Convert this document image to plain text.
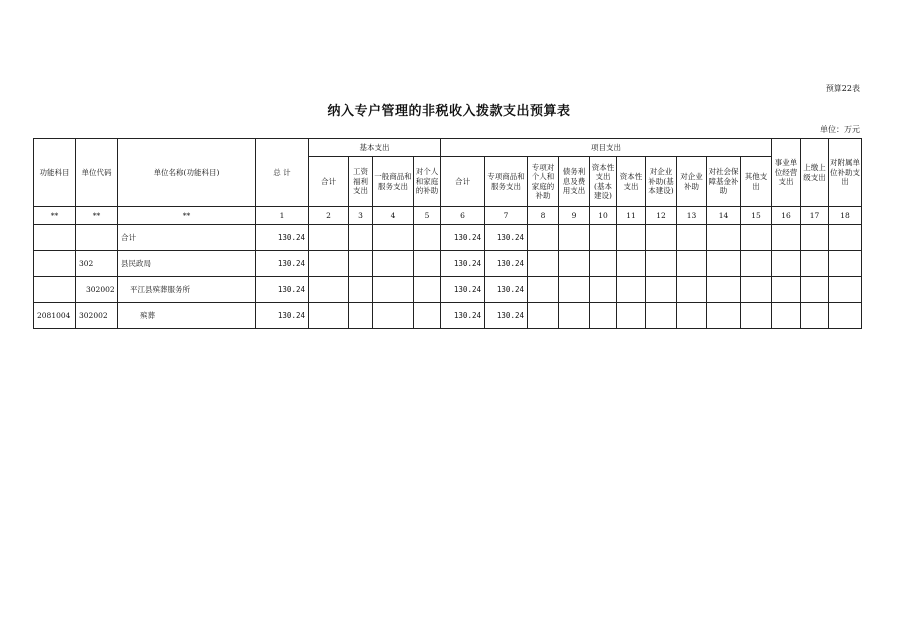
预算22表
纳入专户管理的非税收入拨款支出预算表
单位：万元
功能科目	单位代码	单位名称(功能科目)	总 计	基本支出				项目支出										事业单位经营支出	上缴上级支出	对附属单位补助支出
				合计	工资福利支出	一般商品和服务支出	对个人和家庭的补助	合计	专项商品和服务支出	专项对个人和家庭的补助	债务利息及费用支出	资本性支出(基本建设)	资本性支出	对企业补助(基本建设)	对企业补助	对社会保障基金补助	其他支出			
**	**	**	1	2	3	4	5	6	7	8	9	10	11	12	13	14	15	16	17	18
		合计	130.24					130.24	130.24											
	302	县民政局	130.24					130.24	130.24											
	302002	平江县殡葬服务所	130.24					130.24	130.24											
2081004	302002	殡葬	130.24					130.24	130.24											
